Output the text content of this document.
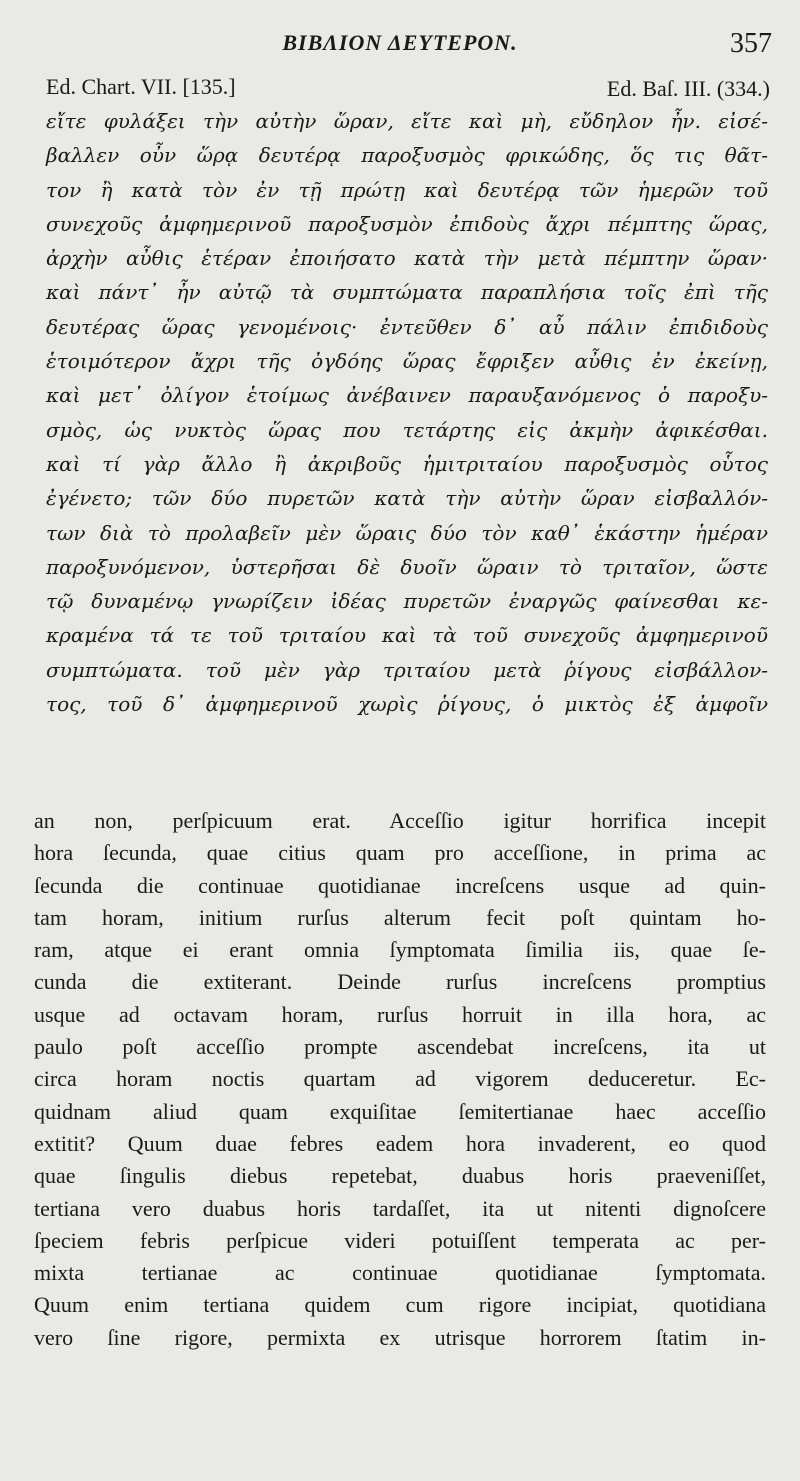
BIBΛΙΟΝ ΔΕΥΤΕΡΟΝ.	357
Ed. Chart. VII. [135.]	Ed. Baſ. III. (334.)
εἴτε φυλάξει τὴν αὐτὴν ὥραν, εἴτε καὶ μὴ, εὔδηλον ἦν. εἰσέ-
βαλλεν οὖν ὥρᾳ δευτέρᾳ παροξυσμὸς φρικώδης, ὅς τις θᾶτ-
τον ἢ κατὰ τὸν ἐν τῇ πρώτῃ καὶ δευτέρᾳ τῶν ἡμερῶν τοῦ
συνεχοῦς ἀμφημερινοῦ παροξυσμὸν ἐπιδοὺς ἄχρι πέμπτης ὥρας,
ἀρχὴν αὖθις ἑτέραν ἐποιήσατο κατὰ τὴν μετὰ πέμπτην ὥραν·
καὶ πάντ᾽ ἦν αὐτῷ τὰ συμπτώματα παραπλήσια τοῖς ἐπὶ τῆς
δευτέρας ὥρας γενομένοις· ἐντεῦθεν δ᾽ αὖ πάλιν ἐπιδιδοὺς
ἑτοιμότερον ἄχρι τῆς ὀγδόης ὥρας ἔφριξεν αὖθις ἐν ἐκείνῃ,
καὶ μετ᾽ ὀλίγον ἑτοίμως ἀνέβαινεν παραυξανόμενος ὁ παροξυ-
σμὸς, ὡς νυκτὸς ὥρας που τετάρτης εἰς ἀκμὴν ἀφικέσθαι.
καὶ τί γὰρ ἄλλο ἢ ἀκριβοῦς ἡμιτριταίου παροξυσμὸς οὗτος
ἐγένετο; τῶν δύο πυρετῶν κατὰ τὴν αὐτὴν ὥραν εἰσβαλλόν-
των διὰ τὸ προλαβεῖν μὲν ὥραις δύο τὸν καθ᾽ ἑκάστην ἡμέραν
παροξυνόμενον, ὑστερῆσαι δὲ δυοῖν ὥραιν τὸ τριταῖον, ὥστε
τῷ δυναμένῳ γνωρίζειν ἰδέας πυρετῶν ἐναργῶς φαίνεσθαι κε-
κραμένα τά τε τοῦ τριταίου καὶ τὰ τοῦ συνεχοῦς ἀμφημερινοῦ
συμπτώματα. τοῦ μὲν γὰρ τριταίου μετὰ ῥίγους εἰσβάλλον-
τος, τοῦ δ᾽ ἀμφημερινοῦ χωρὶς ῥίγους, ὁ μικτὸς ἐξ ἀμφοῖν
an non, perſpicuum erat. Acceſſio igitur horrifica incepit
hora ſecunda, quae citius quam pro acceſſione, in prima ac
ſecunda die continuae quotidianae increſcens usque ad quin-
tam horam, initium rurſus alterum fecit poſt quintam ho-
ram, atque ei erant omnia ſymptomata ſimilia iis, quae ſe-
cunda die extiterant. Deinde rurſus increſcens promptius
usque ad octavam horam, rurſus horruit in illa hora, ac
paulo poſt acceſſio prompte ascendebat increſcens, ita ut
circa horam noctis quartam ad vigorem deduceretur. Ec-
quidnam aliud quam exquiſitae ſemitertianae haec acceſſio
extitit? Quum duae febres eadem hora invaderent, eo quod
quae ſingulis diebus repetebat, duabus horis praeveniſſet,
tertiana vero duabus horis tardaſſet, ita ut nitenti dignoſcere
ſpeciem febris perſpicue videri potuiſſent temperata ac per-
mixta tertianae ac continuae quotidianae ſymptomata.
Quum enim tertiana quidem cum rigore incipiat, quotidiana
vero ſine rigore, permixta ex utrisque horrorem ſtatim in-
